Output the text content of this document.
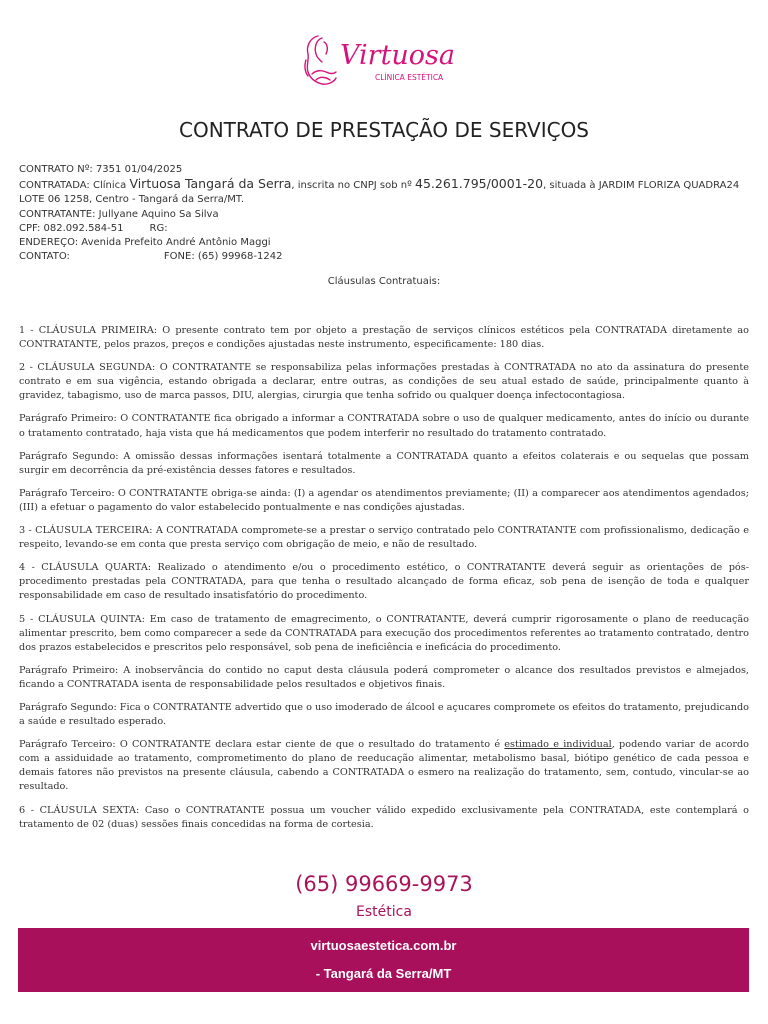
Virtuosa
CLÍNICA ESTÉTICA
CONTRATO DE PRESTAÇÃO DE SERVIÇOS
CONTRATO Nº: 7351 01/04/2025
CONTRATADA: Clínica Virtuosa Tangará da Serra, inscrita no CNPJ sob nº 45.261.795/0001-20, situada à JARDIM FLORIZA QUADRA24 LOTE 06 1258, Centro - Tangará da Serra/MT.
CONTRATANTE: Jullyane Aquino Sa Silva
CPF: 082.092.584-51	RG:
ENDEREÇO: Avenida Prefeito André Antônio Maggi
CONTATO:	FONE: (65) 99968-1242
Cláusulas Contratuais:

1 - CLÁUSULA PRIMEIRA: O presente contrato tem por objeto a prestação de serviços clínicos estéticos pela CONTRATADA diretamente ao CONTRATANTE, pelos prazos, preços e condições ajustadas neste instrumento, especificamente: 180 dias.

2 - CLÁUSULA SEGUNDA: O CONTRATANTE se responsabiliza pelas informações prestadas à CONTRATADA no ato da assinatura do presente contrato e em sua vigência, estando obrigada a declarar, entre outras, as condições de seu atual estado de saúde, principalmente quanto à gravidez, tabagismo, uso de marca passos, DIU, alergias, cirurgia que tenha sofrido ou qualquer doença infectocontagiosa.

Parágrafo Primeiro: O CONTRATANTE fica obrigado a informar a CONTRATADA sobre o uso de qualquer medicamento, antes do início ou durante o tratamento contratado, haja vista que há medicamentos que podem interferir no resultado do tratamento contratado.

Parágrafo Segundo: A omissão dessas informações isentará totalmente a CONTRATADA quanto a efeitos colaterais e ou sequelas que possam surgir em decorrência da pré-existência desses fatores e resultados.

Parágrafo Terceiro: O CONTRATANTE obriga-se ainda: (I) a agendar os atendimentos previamente; (II) a comparecer aos atendimentos agendados; (III) a efetuar o pagamento do valor estabelecido pontualmente e nas condições ajustadas.

3 - CLÁUSULA TERCEIRA: A CONTRATADA compromete-se a prestar o serviço contratado pelo CONTRATANTE com profissionalismo, dedicação e respeito, levando-se em conta que presta serviço com obrigação de meio, e não de resultado.

4 - CLÁUSULA QUARTA: Realizado o atendimento e/ou o procedimento estético, o CONTRATANTE deverá seguir as orientações de pós-procedimento prestadas pela CONTRATADA, para que tenha o resultado alcançado de forma eficaz, sob pena de isenção de toda e qualquer responsabilidade em caso de resultado insatisfatório do procedimento.

5 - CLÁUSULA QUINTA: Em caso de tratamento de emagrecimento, o CONTRATANTE, deverá cumprir rigorosamente o plano de reeducação alimentar prescrito, bem como comparecer a sede da CONTRATADA para execução dos procedimentos referentes ao tratamento contratado, dentro dos prazos estabelecidos e prescritos pelo responsável, sob pena de ineficiência e ineficácia do procedimento.

Parágrafo Primeiro: A inobservância do contido no caput desta cláusula poderá comprometer o alcance dos resultados previstos e almejados, ficando a CONTRATADA isenta de responsabilidade pelos resultados e objetivos finais.

Parágrafo Segundo: Fica o CONTRATANTE advertido que o uso imoderado de álcool e açucares compromete os efeitos do tratamento, prejudicando a saúde e resultado esperado.

Parágrafo Terceiro: O CONTRATANTE declara estar ciente de que o resultado do tratamento é estimado e individual, podendo variar de acordo com a assiduidade ao tratamento, comprometimento do plano de reeducação alimentar, metabolismo basal, biótipo genético de cada pessoa e demais fatores não previstos na presente cláusula, cabendo a CONTRATADA o esmero na realização do tratamento, sem, contudo, vincular-se ao resultado.

6 - CLÁUSULA SEXTA: Caso o CONTRATANTE possua um voucher válido expedido exclusivamente pela CONTRATADA, este contemplará o tratamento de 02 (duas) sessões finais concedidas na forma de cortesia.

(65) 99669-9973
Estética
virtuosaestetica.com.br
- Tangará da Serra/MT
